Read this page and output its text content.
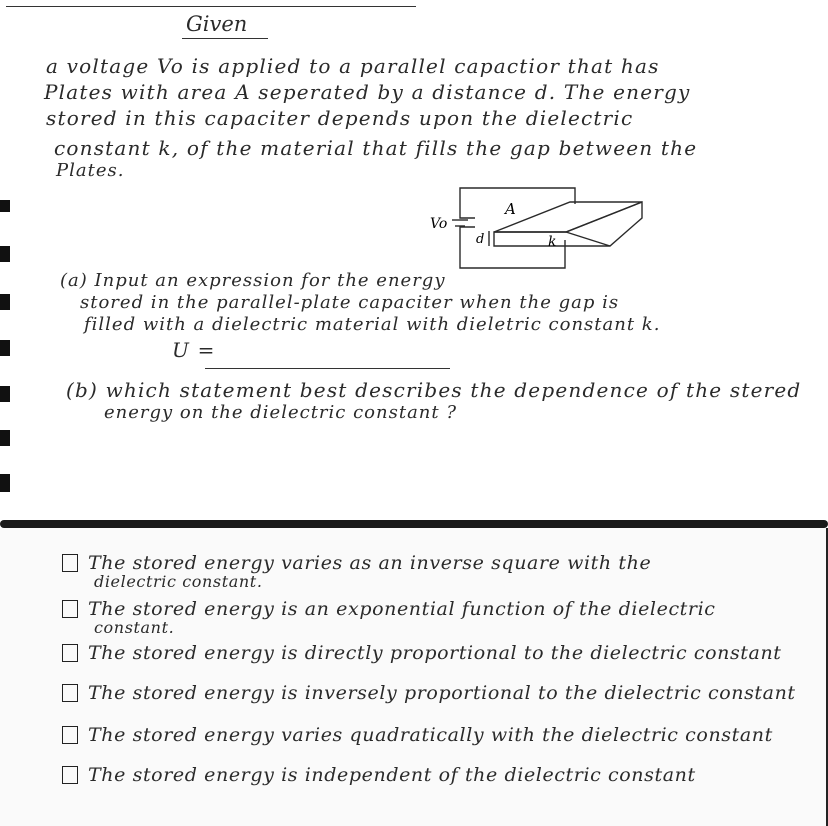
Given
a voltage Vo is applied to a parallel capactior that has
Plates with area A seperated by a distance d. The energy
stored in this capaciter depends upon the dielectric
constant k, of the material that fills the gap between the
Plates.
Vo
A
d	k
(a) Input an expression for the energy
stored in the parallel-plate capaciter when the gap is
filled with a dielectric material with dieletric constant k.
U =
(b) which statement best describes the dependence of the stered
energy on the dielectric constant ?
The stored energy varies as an inverse square with the
dielectric constant.
The stored energy is an exponential function of the dielectric
constant.
The stored energy is directly proportional to the dielectric constant
The stored energy is inversely proportional to the dielectric constant
The stored energy varies quadratically with the dielectric constant
The stored energy is independent of the dielectric constant
